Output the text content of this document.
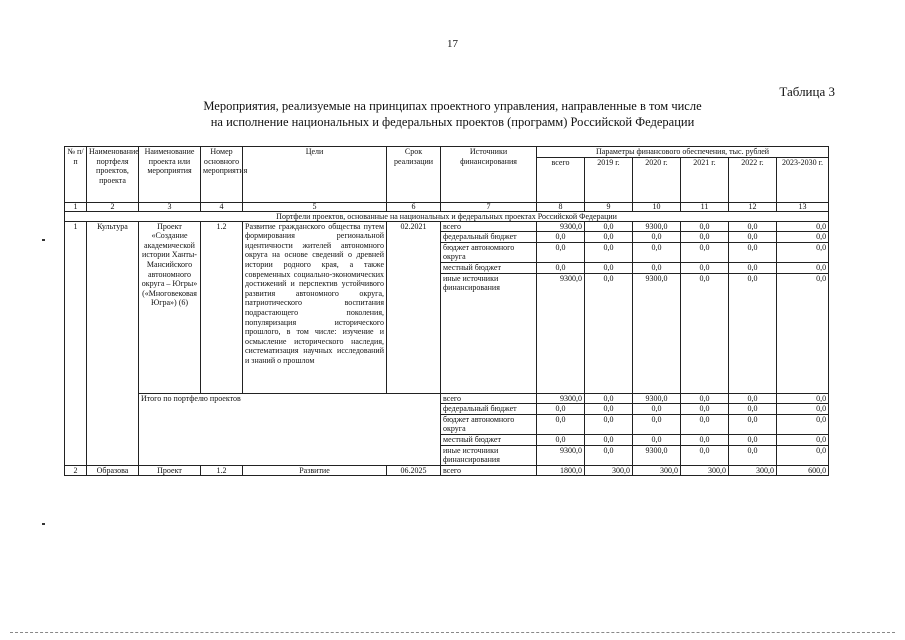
17
Таблица 3
Мероприятия, реализуемые на принципах проектного управления, направленные в том числе
на исполнение национальных и федеральных проектов (программ) Российской Федерации
№ п/п	Наименование портфеля проектов, проекта	Наименование проекта или мероприятия	Номер основного мероприятия	Цели	Срок реализации	Источники финансирования	Параметры финансового обеспечения, тыс. рублей					
							всего	2019 г.	2020 г.	2021 г.	2022 г.	2023-2030 г.
1	2	3	4	5	6	7	8	9	10	11	12	13
Портфели проектов, основанные на национальных и федеральных проектах Российской Федерации												
1	Культура	Проект «Создание академической истории Ханты-Мансийского автономного округа – Югры» («Многовековая Югра») (6)	1.2	Развитие гражданского общества путем формирования региональной идентичности жителей автономного округа на основе сведений о древней истории родного края, а также современных социально-экономических достижений и перспектив устойчивого развития автономного округа, патриотического воспитания подрастающего поколения, популяризация исторического прошлого, в том числе: изучение и осмысление исторического наследия, систематизация научных исследований и знаний о прошлом	02.2021	всего	9300,0	0,0	9300,0	0,0	0,0	0,0
						федеральный бюджет	0,0	0,0	0,0	0,0	0,0	0,0
						бюджет автономного округа	0,0	0,0	0,0	0,0	0,0	0,0
						местный бюджет	0,0	0,0	0,0	0,0	0,0	0,0
						иные источники финансирования	9300,0	0,0	9300,0	0,0	0,0	0,0
		Итого по портфелю проектов				всего	9300,0	0,0	9300,0	0,0	0,0	0,0
						федеральный бюджет	0,0	0,0	0,0	0,0	0,0	0,0
						бюджет автономного округа	0,0	0,0	0,0	0,0	0,0	0,0
						местный бюджет	0,0	0,0	0,0	0,0	0,0	0,0
						иные источники финансирования	9300,0	0,0	9300,0	0,0	0,0	0,0
2	Образова	Проект	1.2	Развитие	06.2025	всего	1800,0	300,0	300,0	300,0	300,0	600,0
